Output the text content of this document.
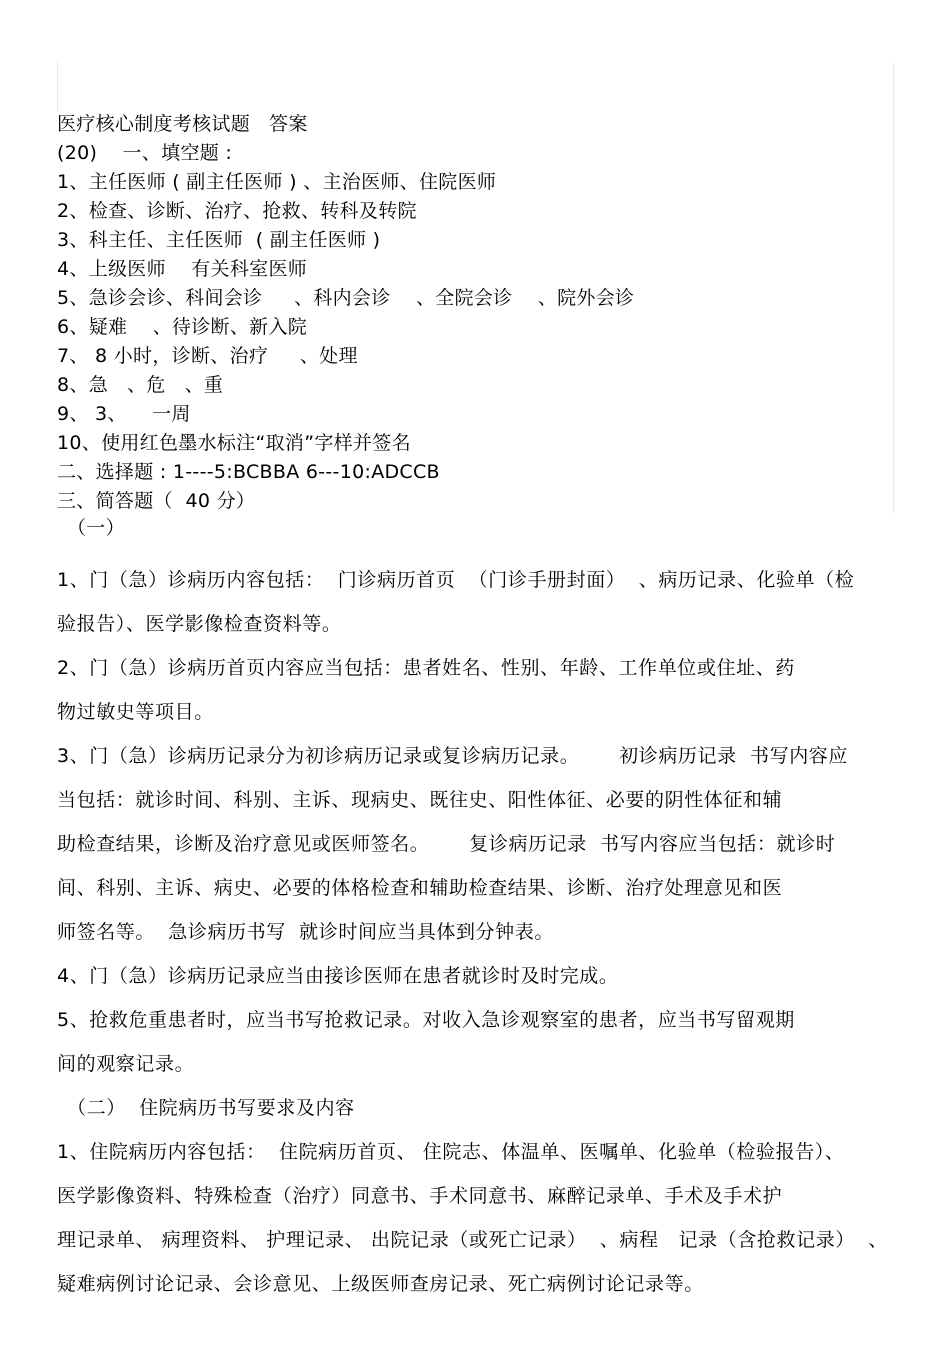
医疗核心制度考核试题   答案
(20)    一、填空题 :
1、主任医师 ( 副主任医师 ) 、主治医师、住院医师
2、检查、诊断、治疗、抢救、转科及转院
3、科主任、主任医师  ( 副主任医师 )
4、上级医师    有关科室医师
5、急诊会诊、科间会诊     、科内会诊    、全院会诊    、院外会诊
6、疑难    、待诊断、新入院
7、 8 小时，诊断、治疗     、处理
8、急   、危   、重
9、 3、    一周
10、使用红色墨水标注“取消”字样并签名
二、选择题 : 1----5:BCBBA 6---10:ADCCB
三、简答题（  40 分）
（一）
1、门（急）诊病历内容包括：  门诊病历首页  （门诊手册封面）  、病历记录、化验单（检
验报告）、医学影像检查资料等。
2、门（急）诊病历首页内容应当包括：患者姓名、性别、年龄、工作单位或住址、药
物过敏史等项目。
3、门（急）诊病历记录分为初诊病历记录或复诊病历记录。      初诊病历记录  书写内容应
当包括：就诊时间、科别、主诉、现病史、既往史、阳性体征、必要的阴性体征和辅
助检查结果，诊断及治疗意见或医师签名。      复诊病历记录  书写内容应当包括：就诊时
间、科别、主诉、病史、必要的体格检查和辅助检查结果、诊断、治疗处理意见和医
师签名等。  急诊病历书写  就诊时间应当具体到分钟表。
4、门（急）诊病历记录应当由接诊医师在患者就诊时及时完成。
5、抢救危重患者时，应当书写抢救记录。对收入急诊观察室的患者，应当书写留观期
间的观察记录。
（二）  住院病历书写要求及内容
1、住院病历内容包括：  住院病历首页、 住院志、体温单、医嘱单、化验单（检验报告）、
医学影像资料、特殊检查（治疗）同意书、手术同意书、麻醉记录单、手术及手术护
理记录单、 病理资料、 护理记录、 出院记录（或死亡记录）  、病程   记录（含抢救记录）  、
疑难病例讨论记录、会诊意见、上级医师查房记录、死亡病例讨论记录等。
